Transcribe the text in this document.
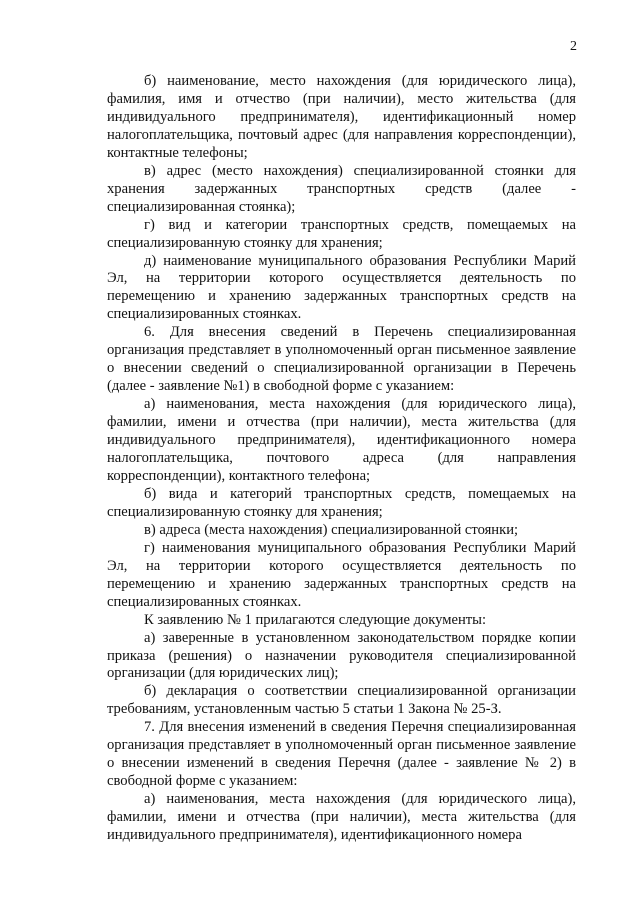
2

б) наименование, место нахождения (для юридического лица), фамилия, имя и отчество (при наличии), место жительства (для индивидуального предпринимателя), идентификационный номер налогоплательщика, почтовый адрес (для направления корреспонденции), контактные телефоны;

в) адрес (место нахождения) специализированной стоянки для хранения задержанных транспортных средств (далее - специализированная стоянка);

г) вид и категории транспортных средств, помещаемых на специализированную стоянку для хранения;

д) наименование муниципального образования Республики Марий Эл, на территории которого осуществляется деятельность по перемещению и хранению задержанных транспортных средств на специализированных стоянках.

6. Для внесения сведений в Перечень специализированная организация представляет в уполномоченный орган письменное заявление о внесении сведений о специализированной организации в Перечень (далее - заявление №1) в свободной форме с указанием:

а) наименования, места нахождения (для юридического лица), фамилии, имени и отчества (при наличии), места жительства (для индивидуального предпринимателя), идентификационного номера налогоплательщика, почтового адреса (для направления корреспонденции), контактного телефона;

б) вида и категорий транспортных средств, помещаемых на специализированную стоянку для хранения;

в) адреса (места нахождения) специализированной стоянки;

г) наименования муниципального образования Республики Марий Эл, на территории которого осуществляется деятельность по перемещению и хранению задержанных транспортных средств на специализированных стоянках.

К заявлению № 1 прилагаются следующие документы:

а) заверенные в установленном законодательством порядке копии приказа (решения) о назначении руководителя специализированной организации (для юридических лиц);

б) декларация о соответствии специализированной организации требованиям, установленным частью 5 статьи 1 Закона № 25-З.

7. Для внесения изменений в сведения Перечня специализированная организация представляет в уполномоченный орган письменное заявление о внесении изменений в сведения Перечня (далее - заявление № 2) в свободной форме с указанием:

а) наименования, места нахождения (для юридического лица), фамилии, имени и отчества (при наличии), места жительства (для индивидуального предпринимателя), идентификационного номера
